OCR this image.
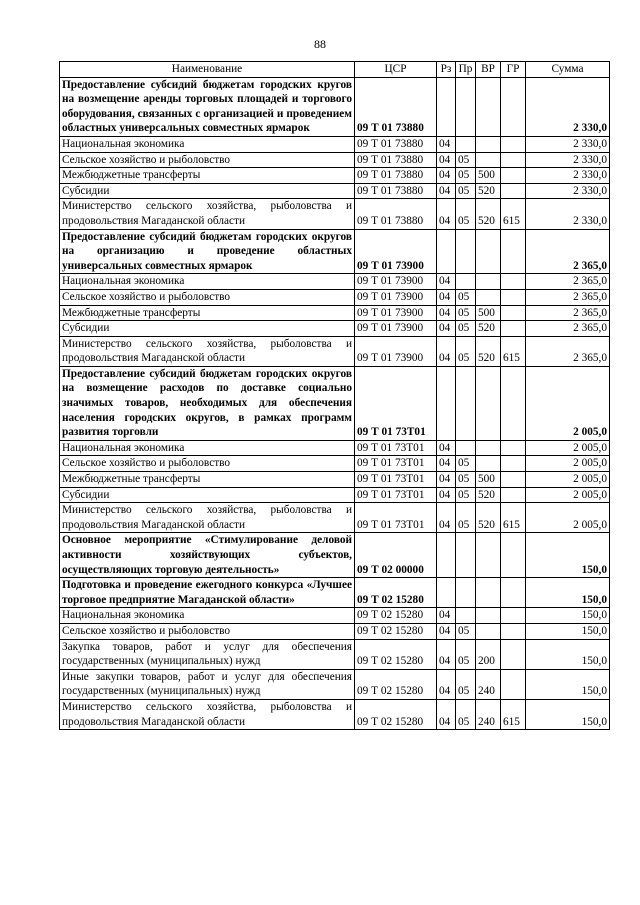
88
Наименование	ЦСР	Рз	Пр	ВР	ГР	Сумма
Предоставление субсидий бюджетам городских кругов на возмещение аренды торговых площадей и торгового оборудования, связанных с организацией и проведением областных универсальных совместных ярмарок	09 Т 01 73880					2 330,0
Национальная экономика	09 Т 01 73880	04				2 330,0
Сельское хозяйство и рыболовство	09 Т 01 73880	04	05			2 330,0
Межбюджетные трансферты	09 Т 01 73880	04	05	500		2 330,0
Субсидии	09 Т 01 73880	04	05	520		2 330,0
Министерство сельского хозяйства, рыболовства и продовольствия Магаданской области	09 Т 01 73880	04	05	520	615	2 330,0
Предоставление субсидий бюджетам городских округов на организацию и проведение областных универсальных совместных ярмарок	09 Т 01 73900					2 365,0
Национальная экономика	09 Т 01 73900	04				2 365,0
Сельское хозяйство и рыболовство	09 Т 01 73900	04	05			2 365,0
Межбюджетные трансферты	09 Т 01 73900	04	05	500		2 365,0
Субсидии	09 Т 01 73900	04	05	520		2 365,0
Министерство сельского хозяйства, рыболовства и продовольствия Магаданской области	09 Т 01 73900	04	05	520	615	2 365,0
Предоставление субсидий бюджетам городских округов на возмещение расходов по доставке социально значимых товаров, необходимых для обеспечения населения городских округов, в рамках программ развития торговли	09 Т 01 73Т01					2 005,0
Национальная экономика	09 Т 01 73Т01	04				2 005,0
Сельское хозяйство и рыболовство	09 Т 01 73Т01	04	05			2 005,0
Межбюджетные трансферты	09 Т 01 73Т01	04	05	500		2 005,0
Субсидии	09 Т 01 73Т01	04	05	520		2 005,0
Министерство сельского хозяйства, рыболовства и продовольствия Магаданской области	09 Т 01 73Т01	04	05	520	615	2 005,0
Основное мероприятие «Стимулирование деловой активности хозяйствующих субъектов, осуществляющих торговую деятельность»	09 Т 02 00000					150,0
Подготовка и проведение ежегодного конкурса «Лучшее торговое предприятие Магаданской области»	09 Т 02 15280					150,0
Национальная экономика	09 Т 02 15280	04				150,0
Сельское хозяйство и рыболовство	09 Т 02 15280	04	05			150,0
Закупка товаров, работ и услуг для обеспечения государственных (муниципальных) нужд	09 Т 02 15280	04	05	200		150,0
Иные закупки товаров, работ и услуг для обеспечения государственных (муниципальных) нужд	09 Т 02 15280	04	05	240		150,0
Министерство сельского хозяйства, рыболовства и продовольствия Магаданской области	09 Т 02 15280	04	05	240	615	150,0
